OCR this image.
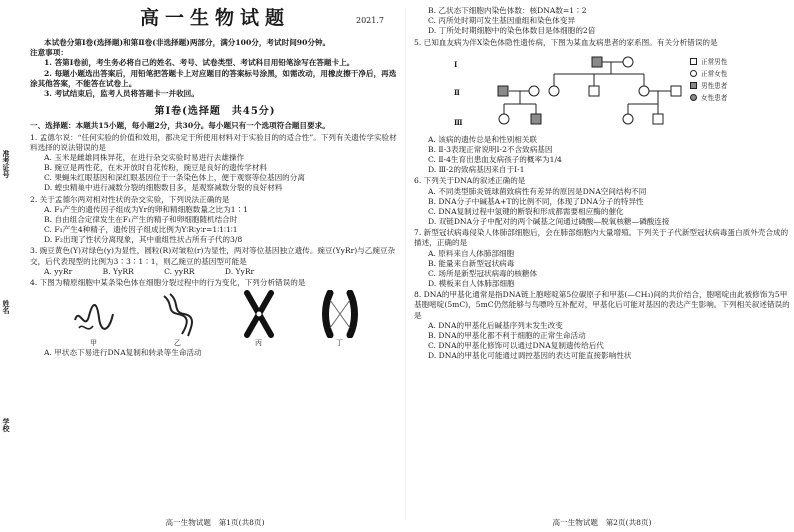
准考证号
姓名
学校
高一生物试题	2021.7

本试卷分第Ⅰ卷(选择题)和第Ⅱ卷(非选择题)两部分，满分100分，考试时间90分钟。

注意事项：

1. 答第Ⅰ卷前，考生务必将自己的姓名、考号、试卷类型、考试科目用铅笔涂写在答题卡上。

2. 每题小题选出答案后，用铅笔把答题卡上对应题目的答案标号涂黑，如需改动，用橡皮擦干净后，再选涂其他答案，不能答在试卷上。

3. 考试结束后，监考人员将答题卡一并收回。

第Ⅰ卷(选择题　共45分)

一、选择题：本题共15小题，每小题2分，共30分。每小题只有一个选项符合题目要求。

1. 孟德尔说：“任何实验的价值和效用，都决定于所使用材料对于实验目的的适合性”。下列有关遗传学实验材料选择的说法错误的是

A. 玉米是雌雄同株异花，在进行杂交实验时易进行去雄操作

B. 豌豆是两性花，在未开放时自花传粉，豌豆是良好的遗传学材料

C. 果蝇朱红眼基因和深红眼基因位于一条染色体上，便于观察等位基因的分离

D. 蝗虫精巢中进行减数分裂的细胞数目多，是观察减数分裂的良好材料

2. 关于孟德尔两对相对性状的杂交实验，下列说法正确的是

A. F₁产生的遗传因子组成为Yr的卵和精细胞数量之比为1∶1

B. 自由组合定律发生在F₁产生的精子和卵细胞随机结合时

C. F₁产生4种精子，遗传因子组成比例为Y∶R∶y∶r=1∶1∶1∶1

D. F₂出现了性状分离现象，其中重组性状占所有子代的3/8

3. 豌豆黄色(Y)对绿色(y)为显性，圆粒(R)对皱粒(r)为显性，两对等位基因独立遗传。豌豆(YyRr)与乙豌豆杂交，后代表现型的比例为3∶3∶1∶1，则乙豌豆的基因型可能是

A. yyRr　　　　B. YyRR　　　　C. yyRR　　　　D. YyRr

4. 下图为精原细胞中某条染色体在细胞分裂过程中的行为变化，下列分析错误的是

甲	乙	丙	丁

A. 甲状态下易进行DNA复制和转录等生命活动

高一生物试题　第1页(共8页)

B. 乙状态下细胞内染色体数：核DNA数=1∶2

C. 丙所处时期可发生基因重组和染色体变异

D. 丁所处时期细胞中的染色体数目是体细胞的2倍

5. 已知血友病为伴X染色体隐性遗传病，下图为某血友病患者的家系图。有关分析错误的是

Ⅰ
Ⅱ
Ⅲ
正常男性
正常女性
男性患者
女性患者

A. 该病的遗传总是和性别相关联

B. Ⅱ-3表现正常说明Ⅰ-2不含致病基因

C. Ⅱ-4生育出患血友病孩子的概率为1/4

D. Ⅲ-2的致病基因来自于Ⅰ-1

6. 下列关于DNA的叙述正确的是

A. 不同类型肺炎链球菌致病性有差异的原因是DNA空间结构不同

B. DNA分子中碱基A+T的比例不同，体现了DNA分子的特异性

C. DNA复制过程中氢键的断裂和形成都需要相应酶的催化

D. 双链DNA分子中配对的两个碱基之间通过磷酸—脱氧核糖—磷酸连接

7. 新型冠状病毒侵染人体肺部细胞后，会在肺部细胞内大量增殖。下列关于子代新型冠状病毒蛋白质外壳合成的描述，正确的是

A. 原料来自人体肺部细胞

B. 能量来自新型冠状病毒

C. 场所是新型冠状病毒的核糖体

D. 模板来自人体肺部细胞

8. DNA的甲基化通常是指DNA链上胞嘧啶第5位碳原子和甲基(—CH₃)间的共价结合，胞嘧啶由此被修饰为5甲基胞嘧啶(5mC)，5mC仍然能够与鸟嘌呤互补配对，甲基化后可能对基因的表达产生影响。下列相关叙述错误的是

A. DNA的甲基化后碱基序列未发生改变

B. DNA的甲基化都不利于细胞的正常生命活动

C. DNA的甲基化修饰可以通过DNA复制遗传给后代

D. DNA的甲基化可能通过调控基因的表达可能直接影响性状

高一生物试题　第2页(共8页)
